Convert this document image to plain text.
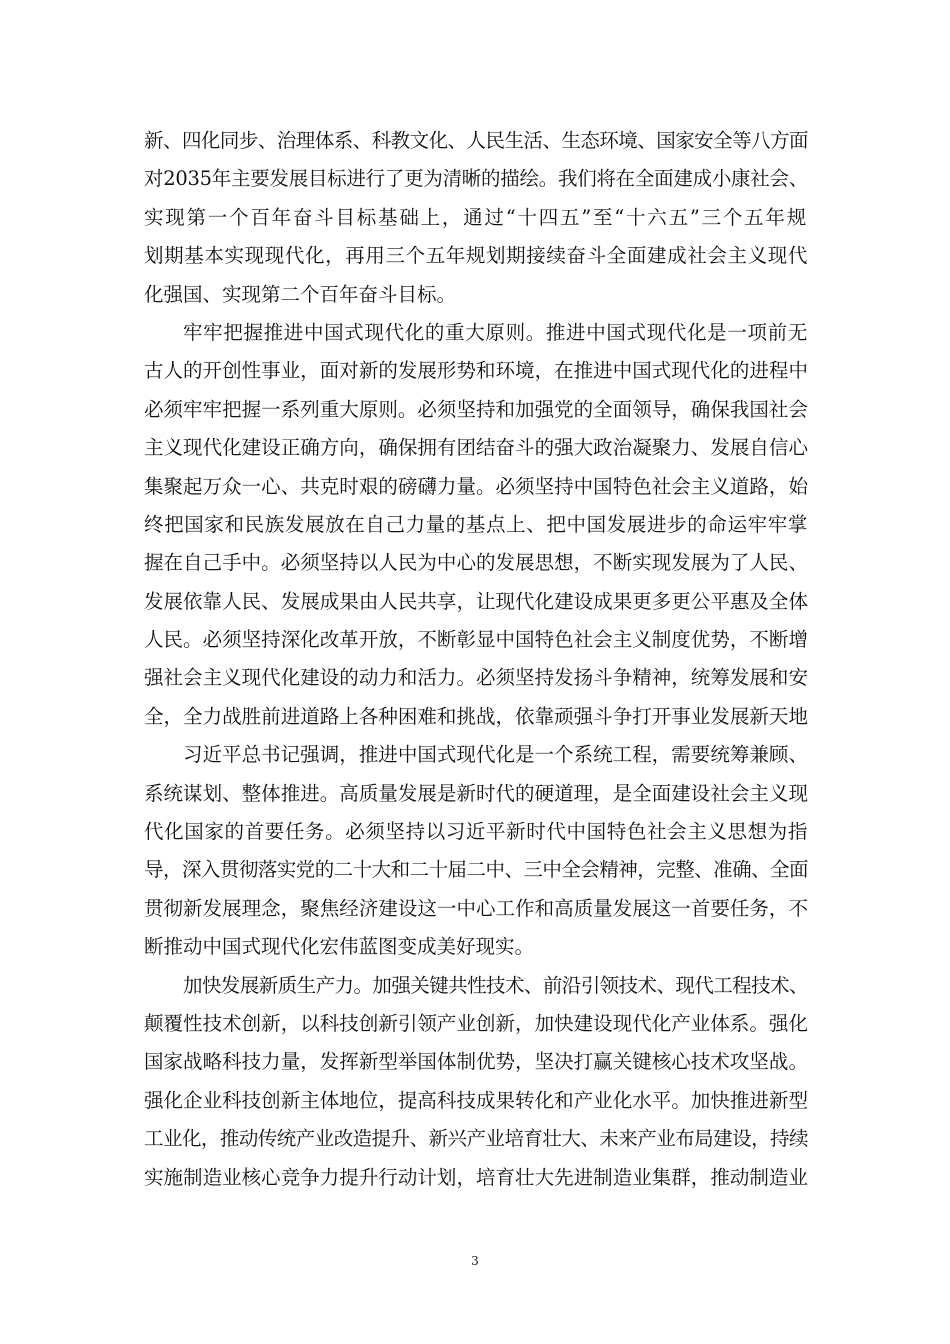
新、四化同步、治理体系、科教文化、人民生活、生态环境、国家安全等八方面
对2035年主要发展目标进行了更为清晰的描绘。我们将在全面建成小康社会、
实现第一个百年奋斗目标基础上，通过“十四五”至“十六五”三个五年规
划期基本实现现代化，再用三个五年规划期接续奋斗全面建成社会主义现代
化强国、实现第二个百年奋斗目标。
牢牢把握推进中国式现代化的重大原则。推进中国式现代化是一项前无
古人的开创性事业，面对新的发展形势和环境，在推进中国式现代化的进程中
必须牢牢把握一系列重大原则。必须坚持和加强党的全面领导，确保我国社会
主义现代化建设正确方向，确保拥有团结奋斗的强大政治凝聚力、发展自信心
集聚起万众一心、共克时艰的磅礴力量。必须坚持中国特色社会主义道路，始
终把国家和民族发展放在自己力量的基点上、把中国发展进步的命运牢牢掌
握在自己手中。必须坚持以人民为中心的发展思想，不断实现发展为了人民、
发展依靠人民、发展成果由人民共享，让现代化建设成果更多更公平惠及全体
人民。必须坚持深化改革开放，不断彰显中国特色社会主义制度优势，不断增
强社会主义现代化建设的动力和活力。必须坚持发扬斗争精神，统筹发展和安
全，全力战胜前进道路上各种困难和挑战，依靠顽强斗争打开事业发展新天地
习近平总书记强调，推进中国式现代化是一个系统工程，需要统筹兼顾、
系统谋划、整体推进。高质量发展是新时代的硬道理，是全面建设社会主义现
代化国家的首要任务。必须坚持以习近平新时代中国特色社会主义思想为指
导，深入贯彻落实党的二十大和二十届二中、三中全会精神，完整、准确、全面
贯彻新发展理念，聚焦经济建设这一中心工作和高质量发展这一首要任务，不
断推动中国式现代化宏伟蓝图变成美好现实。
加快发展新质生产力。加强关键共性技术、前沿引领技术、现代工程技术、
颠覆性技术创新，以科技创新引领产业创新，加快建设现代化产业体系。强化
国家战略科技力量，发挥新型举国体制优势，坚决打赢关键核心技术攻坚战。
强化企业科技创新主体地位，提高科技成果转化和产业化水平。加快推进新型
工业化，推动传统产业改造提升、新兴产业培育壮大、未来产业布局建设，持续
实施制造业核心竞争力提升行动计划，培育壮大先进制造业集群，推动制造业
3
